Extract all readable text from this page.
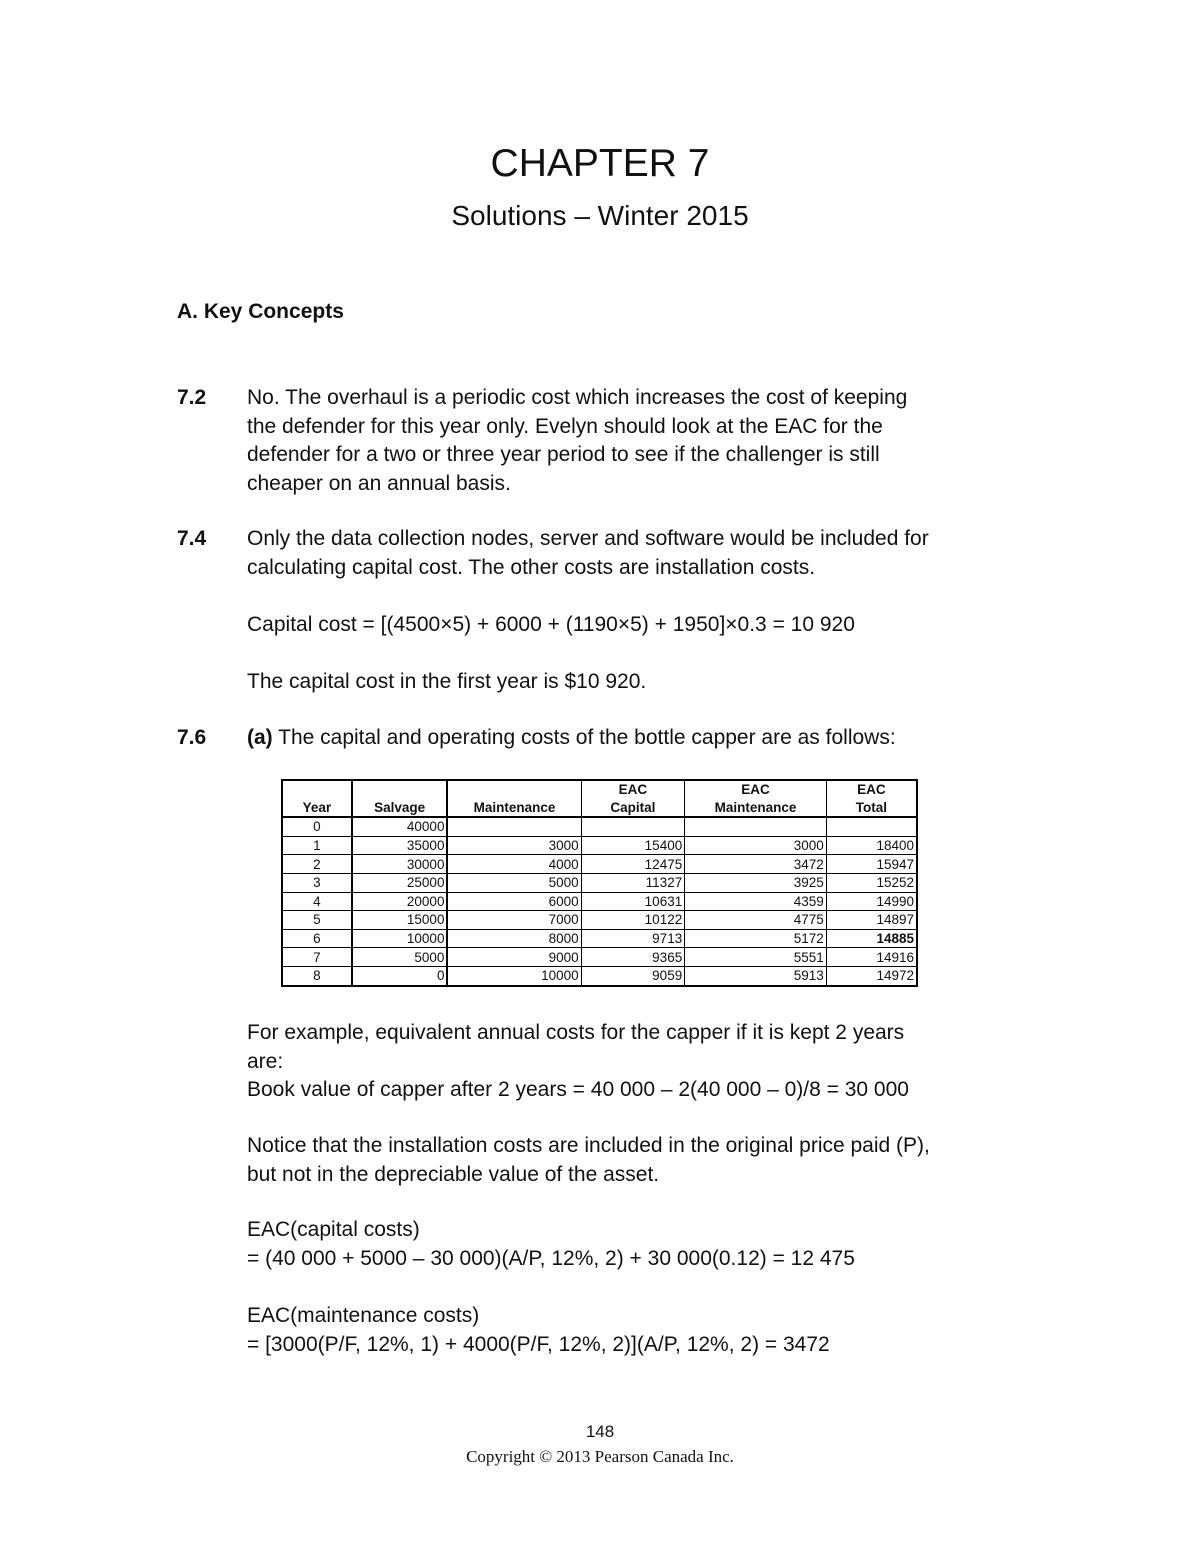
CHAPTER 7
Solutions – Winter 2015
A. Key Concepts
7.2 No. The overhaul is a periodic cost which increases the cost of keeping
the defender for this year only. Evelyn should look at the EAC for the
defender for a two or three year period to see if the challenger is still
cheaper on an annual basis.
7.4 Only the data collection nodes, server and software would be included for
calculating capital cost. The other costs are installation costs.
Capital cost = [(4500×5) + 6000 + (1190×5) + 1950]×0.3 = 10 920
The capital cost in the first year is $10 920.
7.6 (a) The capital and operating costs of the bottle capper are as follows:
			EAC	EAC	EAC
Year	Salvage	Maintenance	Capital	Maintenance	Total
0	40000				
1	35000	3000	15400	3000	18400
2	30000	4000	12475	3472	15947
3	25000	5000	11327	3925	15252
4	20000	6000	10631	4359	14990
5	15000	7000	10122	4775	14897
6	10000	8000	9713	5172	14885
7	5000	9000	9365	5551	14916
8	0	10000	9059	5913	14972
For example, equivalent annual costs for the capper if it is kept 2 years
are:
Book value of capper after 2 years = 40 000 – 2(40 000 – 0)/8 = 30 000
Notice that the installation costs are included in the original price paid (P),
but not in the depreciable value of the asset.
EAC(capital costs)
= (40 000 + 5000 – 30 000)(A/P, 12%, 2) + 30 000(0.12) = 12 475
EAC(maintenance costs)
= [3000(P/F, 12%, 1) + 4000(P/F, 12%, 2)](A/P, 12%, 2) = 3472
148
Copyright © 2013 Pearson Canada Inc.
